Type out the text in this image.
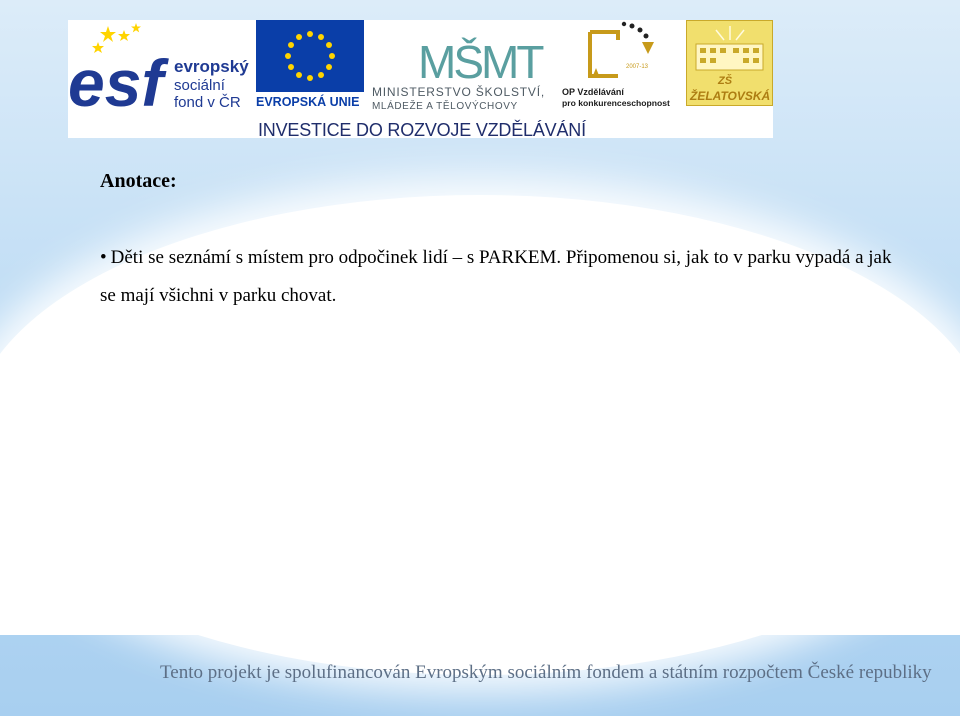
esf evropský
sociální
fond v ČR EVROPSKÁ UNIE
MŠMT
MINISTERSTVO ŠKOLSTVÍ,
MLÁDEŽE A TĚLOVÝCHOVY
2007-13
OP Vzdělávání
pro konkurenceschopnost
ZŠ
ŽELATOVSKÁ
INVESTICE DO ROZVOJE VZDĚLÁVÁNÍ
Anotace:
• Děti se seznámí s místem pro odpočinek lidí – s PARKEM. Připomenou si, jak to v parku vypadá a jak se mají všichni v parku chovat.
Tento projekt je spolufinancován Evropským sociálním fondem a státním rozpočtem České republiky
